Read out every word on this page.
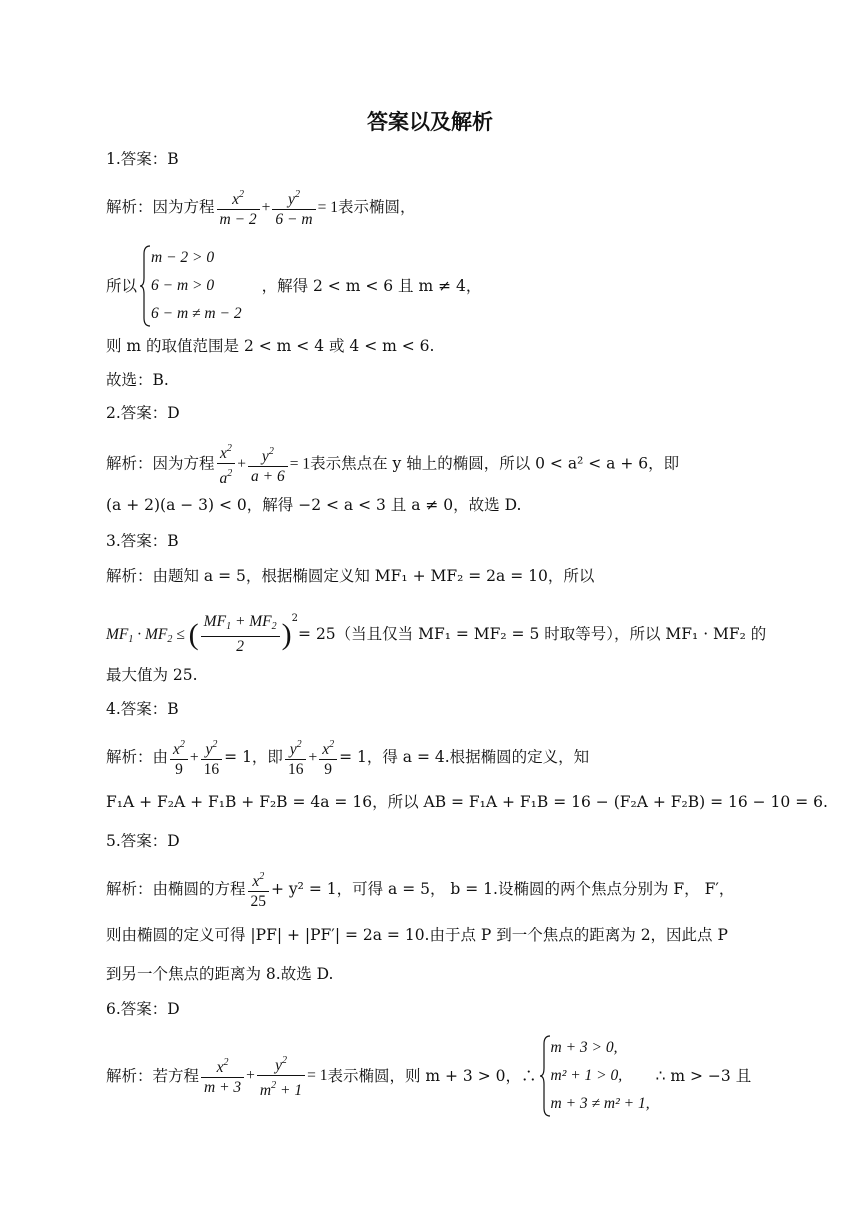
答案以及解析
1.答案：B
解析：因为方程 $\frac{x^2}{m - 2} + \frac{y^2}{6 - m} = 1$表示椭圆，
所以
m − 2 > 0
6 − m > 0
6 − m ≠ m − 2
，解得 2 < m < 6 且 m ≠ 4，
则 m 的取值范围是 2 < m < 4 或 4 < m < 6.
故选：B.
2.答案：D
解析：因为方程 $\frac{x^2}{a^2} + \frac{y^2}{a + 6} = 1$表示焦点在 y 轴上的椭圆，所以 0 < a² < a + 6，即
(a + 2)(a − 3) < 0，解得 −2 < a < 3 且 a ≠ 0，故选 D.
3.答案：B
解析：由题知 a = 5，根据椭圆定义知 MF₁ + MF₂ = 2a = 10，所以
$MF_1 \cdot MF_2$ ≤ ( $\frac{MF_1 + MF_2}{2} )^2= 25$（当且仅当 MF₁ = MF₂ = 5 时取等号），所以 MF₁ · MF₂ 的
最大值为 25.
4.答案：B
解析：由 $\frac{x^2}{9} + \frac{y^2}{16} = 1$，即 $\frac{y^2}{16} + \frac{x^2}{9} = 1$，得 a = 4.根据椭圆的定义，知
F₁A + F₂A + F₁B + F₂B = 4a = 16，所以 AB = F₁A + F₁B = 16 − (F₂A + F₂B) = 16 − 10 = 6.
5.答案：D
解析：由椭圆的方程 $\frac{x^2}{25} + y^2 = 1$，可得 a = 5， b = 1.设椭圆的两个焦点分别为 F， F′，
则由椭圆的定义可得 |PF| + |PF′| = 2a = 10.由于点 P 到一个焦点的距离为 2，因此点 P
到另一个焦点的距离为 8.故选 D.
6.答案：D
解析：若方程 $\frac{x^2}{m + 3} + \frac{y^2}{m^2 + 1} = 1$表示椭圆，则 m + 3 > 0，∴
m + 3 > 0,
m² + 1 > 0,
m + 3 ≠ m² + 1,
∴ m > −3 且
